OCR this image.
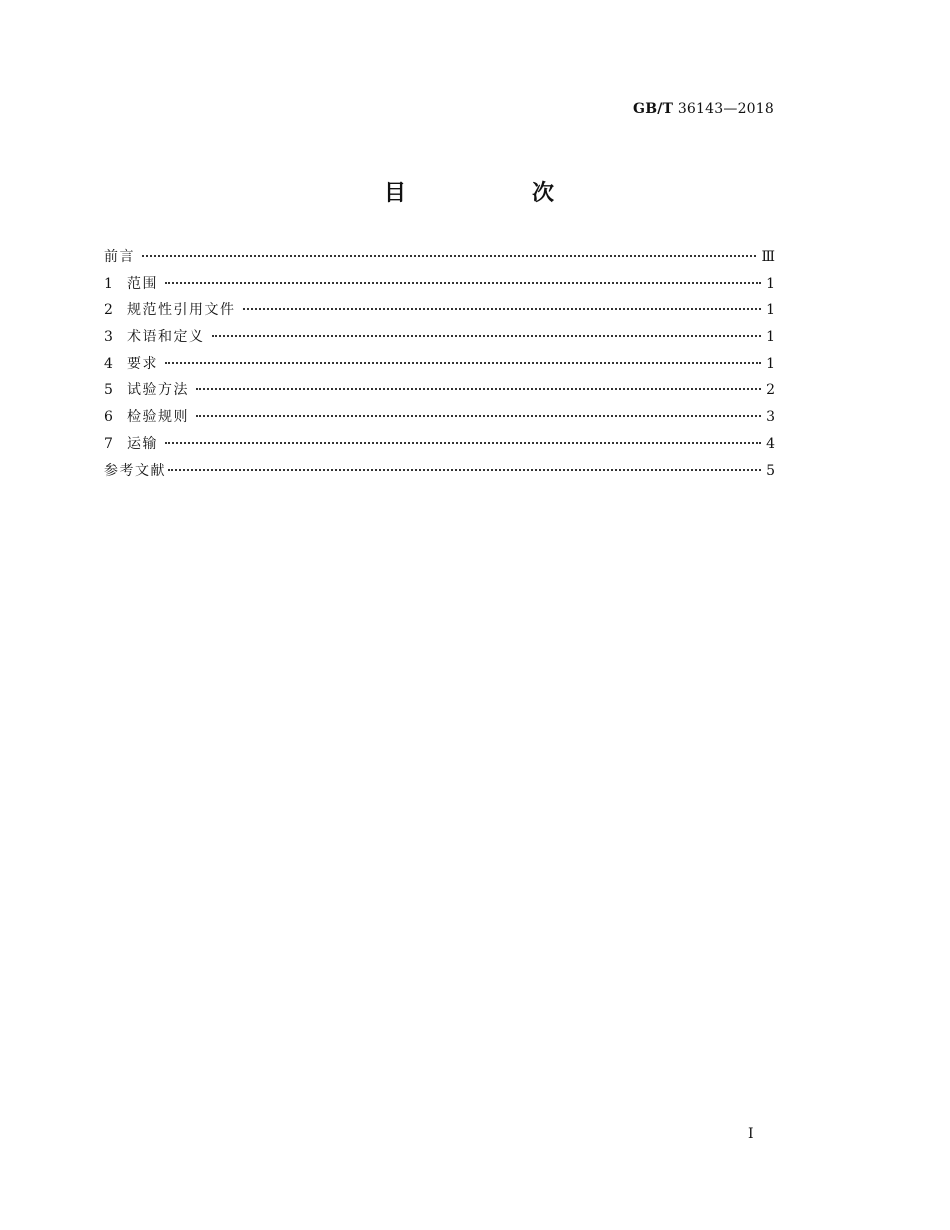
GB/T 36143—2018
目　次
前言	Ⅲ
1	范围	1
2	规范性引用文件	1
3	术语和定义	1
4	要求	1
5	试验方法	2
6	检验规则	3
7	运输	4
参考文献	5
I
